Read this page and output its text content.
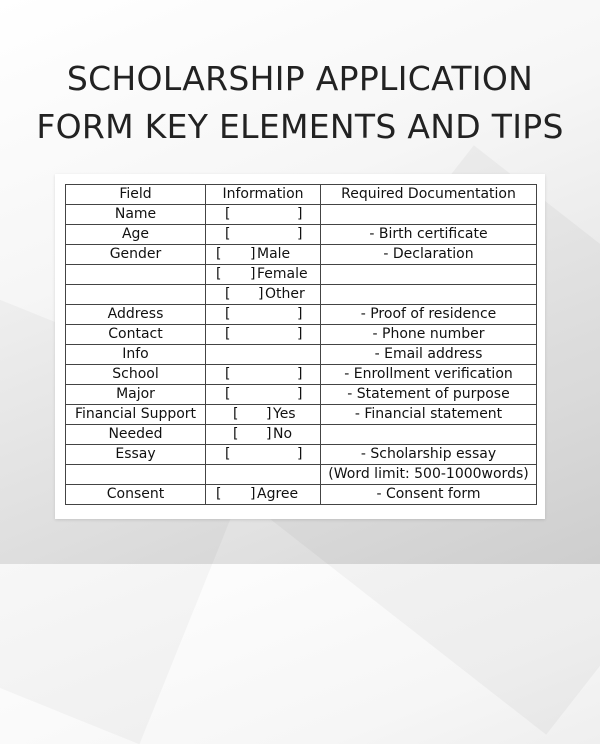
SCHOLARSHIP APPLICATION
FORM KEY ELEMENTS AND TIPS
Field	Information	Required Documentation
Name	[ ]	

Age	[ ]	- Birth certificate
Gender	[ ] Male	- Declaration

	[ ] Female	

	[ ] Other	

Address	[ ]	- Proof of residence
Contact	[ ]	- Phone number
Info		- Email address
School	[ ]	- Enrollment verification
Major	[ ]	- Statement of purpose
Financial Support	[ ] Yes	- Financial statement
Needed	[ ] No	

Essay	[ ]	- Scholarship essay
		(Word limit: 500-1000words)
Consent	[ ] Agree	- Consent form
